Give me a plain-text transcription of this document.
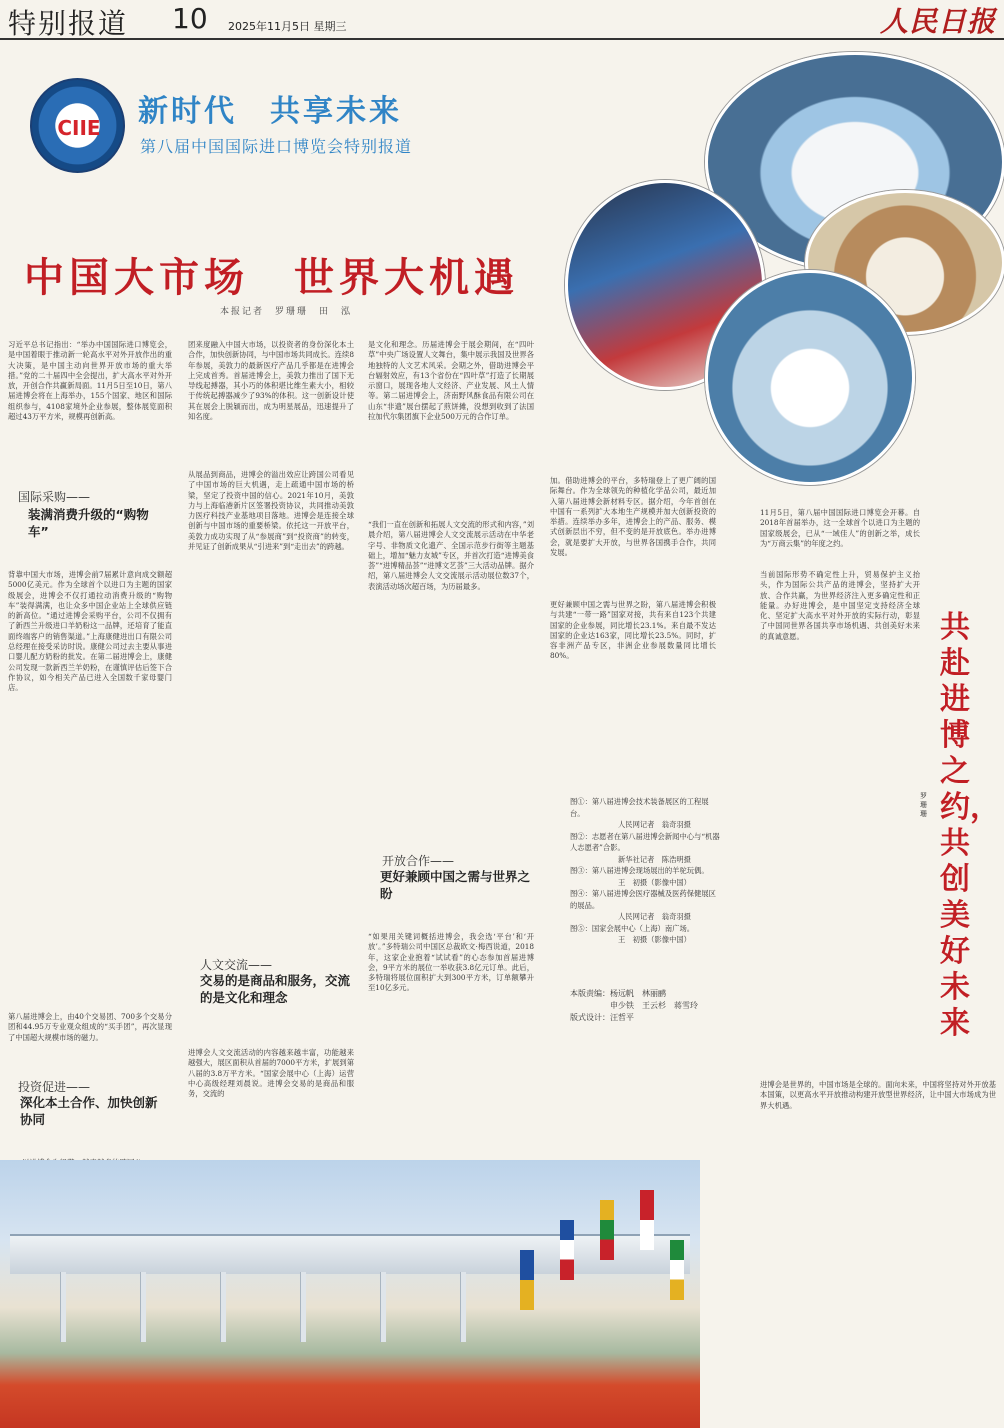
特别报道 10 2025年11月5日 星期三	人民日报
CIIE 新时代　共享未来
第八届中国国际进口博览会特别报道
中国大市场　世界大机遇
本报记者　罗珊珊　田　泓
习近平总书记指出：“举办中国国际进口博览会，是中国着眼于推动新一轮高水平对外开放作出的重大决策，是中国主动向世界开放市场的重大举措。”党的二十届四中全会提出，扩大高水平对外开放，开创合作共赢新局面。11月5日至10日，第八届进博会将在上海举办，155个国家、地区和国际组织参与，4108家境外企业参展，整体展览面积超过43万平方米，规模再创新高。
国际采购——
装满消费升级的“购物车”
背靠中国大市场，进博会前7届累计意向成交额超5000亿美元。作为全球首个以进口为主题的国家级展会，进博会不仅打通拉动消费升级的“购物车”装得满满，也让众多中国企业站上全球供应链的新高位。“通过进博会采购平台，公司不仅拥有了新西兰升级进口羊奶粉这一品牌，还培育了能直面终端客户的销售渠道。”上海康健进出口有限公司总经理在接受采访时说。康健公司过去主要从事进口婴儿配方奶粉的批发。在第二届进博会上，康健公司发现一款新西兰羊奶粉，在谨慎评估后签下合作协议，如今相关产品已进入全国数千家母婴门店。
第八届进博会上，由40个交易团、700多个交易分团和44.95万专业观众组成的“买手团”，再次显现了中国超大规模市场的磁力。
投资促进——
深化本土合作、加快创新协同
团来度融入中国大市场，以投资者的身份深化本土合作，加快创新协同，与中国市场共同成长。连续8年参展，美敦力的最新医疗产品几乎都是在进博会上完成首秀。首届进博会上，美敦力推出了国下无导线起搏器，其小巧的体积堪比维生素大小，相较于传统起搏器减少了93%的体积。这一创新设计使其在展会上脱颖而出，成为明星展品，迅速提升了知名度。
从展品到商品，进博会的溢出效应让跨国公司看见了中国市场的巨大机遇，走上疏通中国市场的桥梁，坚定了投资中国的信心。2021年10月，美敦力与上海临港新片区签署投资协议，共同推动美敦力医疗科技产业基地项目落地。进博会是连接全球创新与中国市场的重要桥梁。依托这一开放平台，美敦力成功实现了从“参展商”到“投资商”的转变，并见证了创新成果从“引进来”到“走出去”的跨越。
人文交流——
交易的是商品和服务，交流的是文化和理念
进博会人文交流活动的内容越来越丰富，功能越来越强大，展区面积从首届的7000平方米，扩展到第八届的3.8万平方米。“国家会展中心（上海）运营中心高级经理刘晨说。进博会交易的是商品和服务，交流的
是文化和理念。历届进博会于展会期间，在“四叶草”中央广场设置人文舞台，集中展示我国及世界各地独特的人文艺术风采。会期之外，借助进博会平台辐射效应，有13个省份在“四叶草”打造了长期展示窗口，展现各地人文经济、产业发展、风土人情等。第二届进博会上，济南野风酥食品有限公司在山东“非遗”展台摆起了煎饼摊，没想到收到了法国拉加代尔集团旗下企业500万元的合作订单。
“我们一直在创新和拓展人文交流的形式和内容，”刘晨介绍，第八届进博会人文交流展示活动在中华老字号、非物质文化遗产、全国示范步行街等主题基础上，增加“魅力友城”专区，并首次打造“进博美食荟”“进博精品荟”“进博文艺荟”三大活动品牌。据介绍，第八届进博会人文交流展示活动展位数37个，表演活动场次超百场，为历届最多。
开放合作——
更好兼顾中国之需与世界之盼
“如果用关键词概括进博会，我会选‘平台’和‘开放’。”多特瑞公司中国区总裁欧文·梅西说道，2018年，这家企业抱着“试试看”的心态参加首届进博会，9平方米的展位一举收获3.8亿元订单。此后，多特瑞将展位面积扩大到300平方米，订单额攀升至10亿多元。
加。借助进博会的平台，多特瑞登上了更广阔的国际舞台。作为全球领先的种植化学品公司，最近加入第八届进博会新材料专区。据介绍，今年首创在中国有一系列扩大本地生产规模并加大创新投资的举措。连续举办多年，进博会上的产品、服务、模式创新层出不穷，但不变的是开放底色。举办进博会，就是要扩大开放，与世界各国携手合作，共同发展。
更好兼顾中国之需与世界之盼，第八届进博会积极与共建“一带一路”国家对接，共有来自123个共建国家的企业参展，同比增长23.1%。来自最不发达国家的企业达163家，同比增长23.5%。同时，扩容非洲产品专区，非洲企业参展数量同比增长80%。
图①：第八届进博会技术装备展区的工程展台。
人民网记者　翁奇羽摄
图②：志愿者在第八届进博会新闻中心与“机器人志愿者”合影。
新华社记者　陈浩明摄
图③：第八届进博会现场展出的羊驼玩偶。
王　初摄（影像中国）
图④：第八届进博会医疗器械及医药保健展区的展品。
人民网记者　翁奇羽摄
图⑤：国家会展中心（上海）南广场。
王　初摄（影像中国）
本版责编：杨远帆　林丽鹂
申少铁　王云杉　蒋雪玲
版式设计：汪哲平
11月5日，第八届中国国际进口博览会开幕。自2018年首届举办，这一全球首个以进口为主题的国家级展会，已从“一域佳人”的创新之举，成长为“万商云集”的年度之约。
当前国际形势不确定性上升，贸易保护主义抬头，作为国际公共产品的进博会，坚持扩大开放、合作共赢，为世界经济注入更多确定性和正能量。办好进博会，是中国坚定支持经济全球化、坚定扩大高水平对外开放的实际行动，彰显了中国同世界各国共享市场机遇、共创美好未来的真诚意愿。
进博会是世界的，中国市场是全球的。面向未来，中国将坚持对外开放基本国策，以更高水平开放推动构建开放型世界经济，让中国大市场成为世界大机遇。
共赴进博之约，共创美好未来
罗珊珊
